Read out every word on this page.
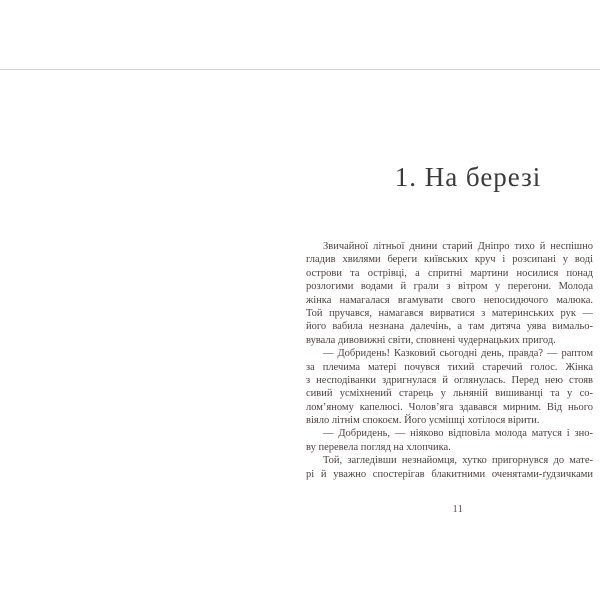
1. На березі
Звичайної літньої днини старий Дніпро тихо й неспішно
гладив хвилями береги київських круч і розсипані у воді
острови та острівці, а спритні мартини носилися понад
розлогими водами й грали з вітром у перегони. Молода
жінка намагалася вгамувати свого непосидючого малюка.
Той пручався, намагався вирватися з материнських рук —
його вабила незнана далечінь, а там дитяча уява вимальо-
вувала дивовижні світи, сповнені чудернацьких пригод.
— Добридень! Казковий сьогодні день, правда? — раптом
за плечима матері почувся тихий старечий голос. Жінка
з несподіванки здригнулася й оглянулась. Перед нею стояв
сивий усміхнений старець у льняній вишиванці та у со-
лом’яному капелюсі. Чолов’яга здавався мирним. Від нього
віяло літнім спокоєм. Його усмішці хотілося вірити.
— Добридень, — ніяково відповіла молода матуся і зно-
ву перевела погляд на хлопчика.
Той, загледівши незнайомця, хутко пригорнувся до мате-
рі й уважно спостерігав блакитними оченятами-ґудзичками
11
